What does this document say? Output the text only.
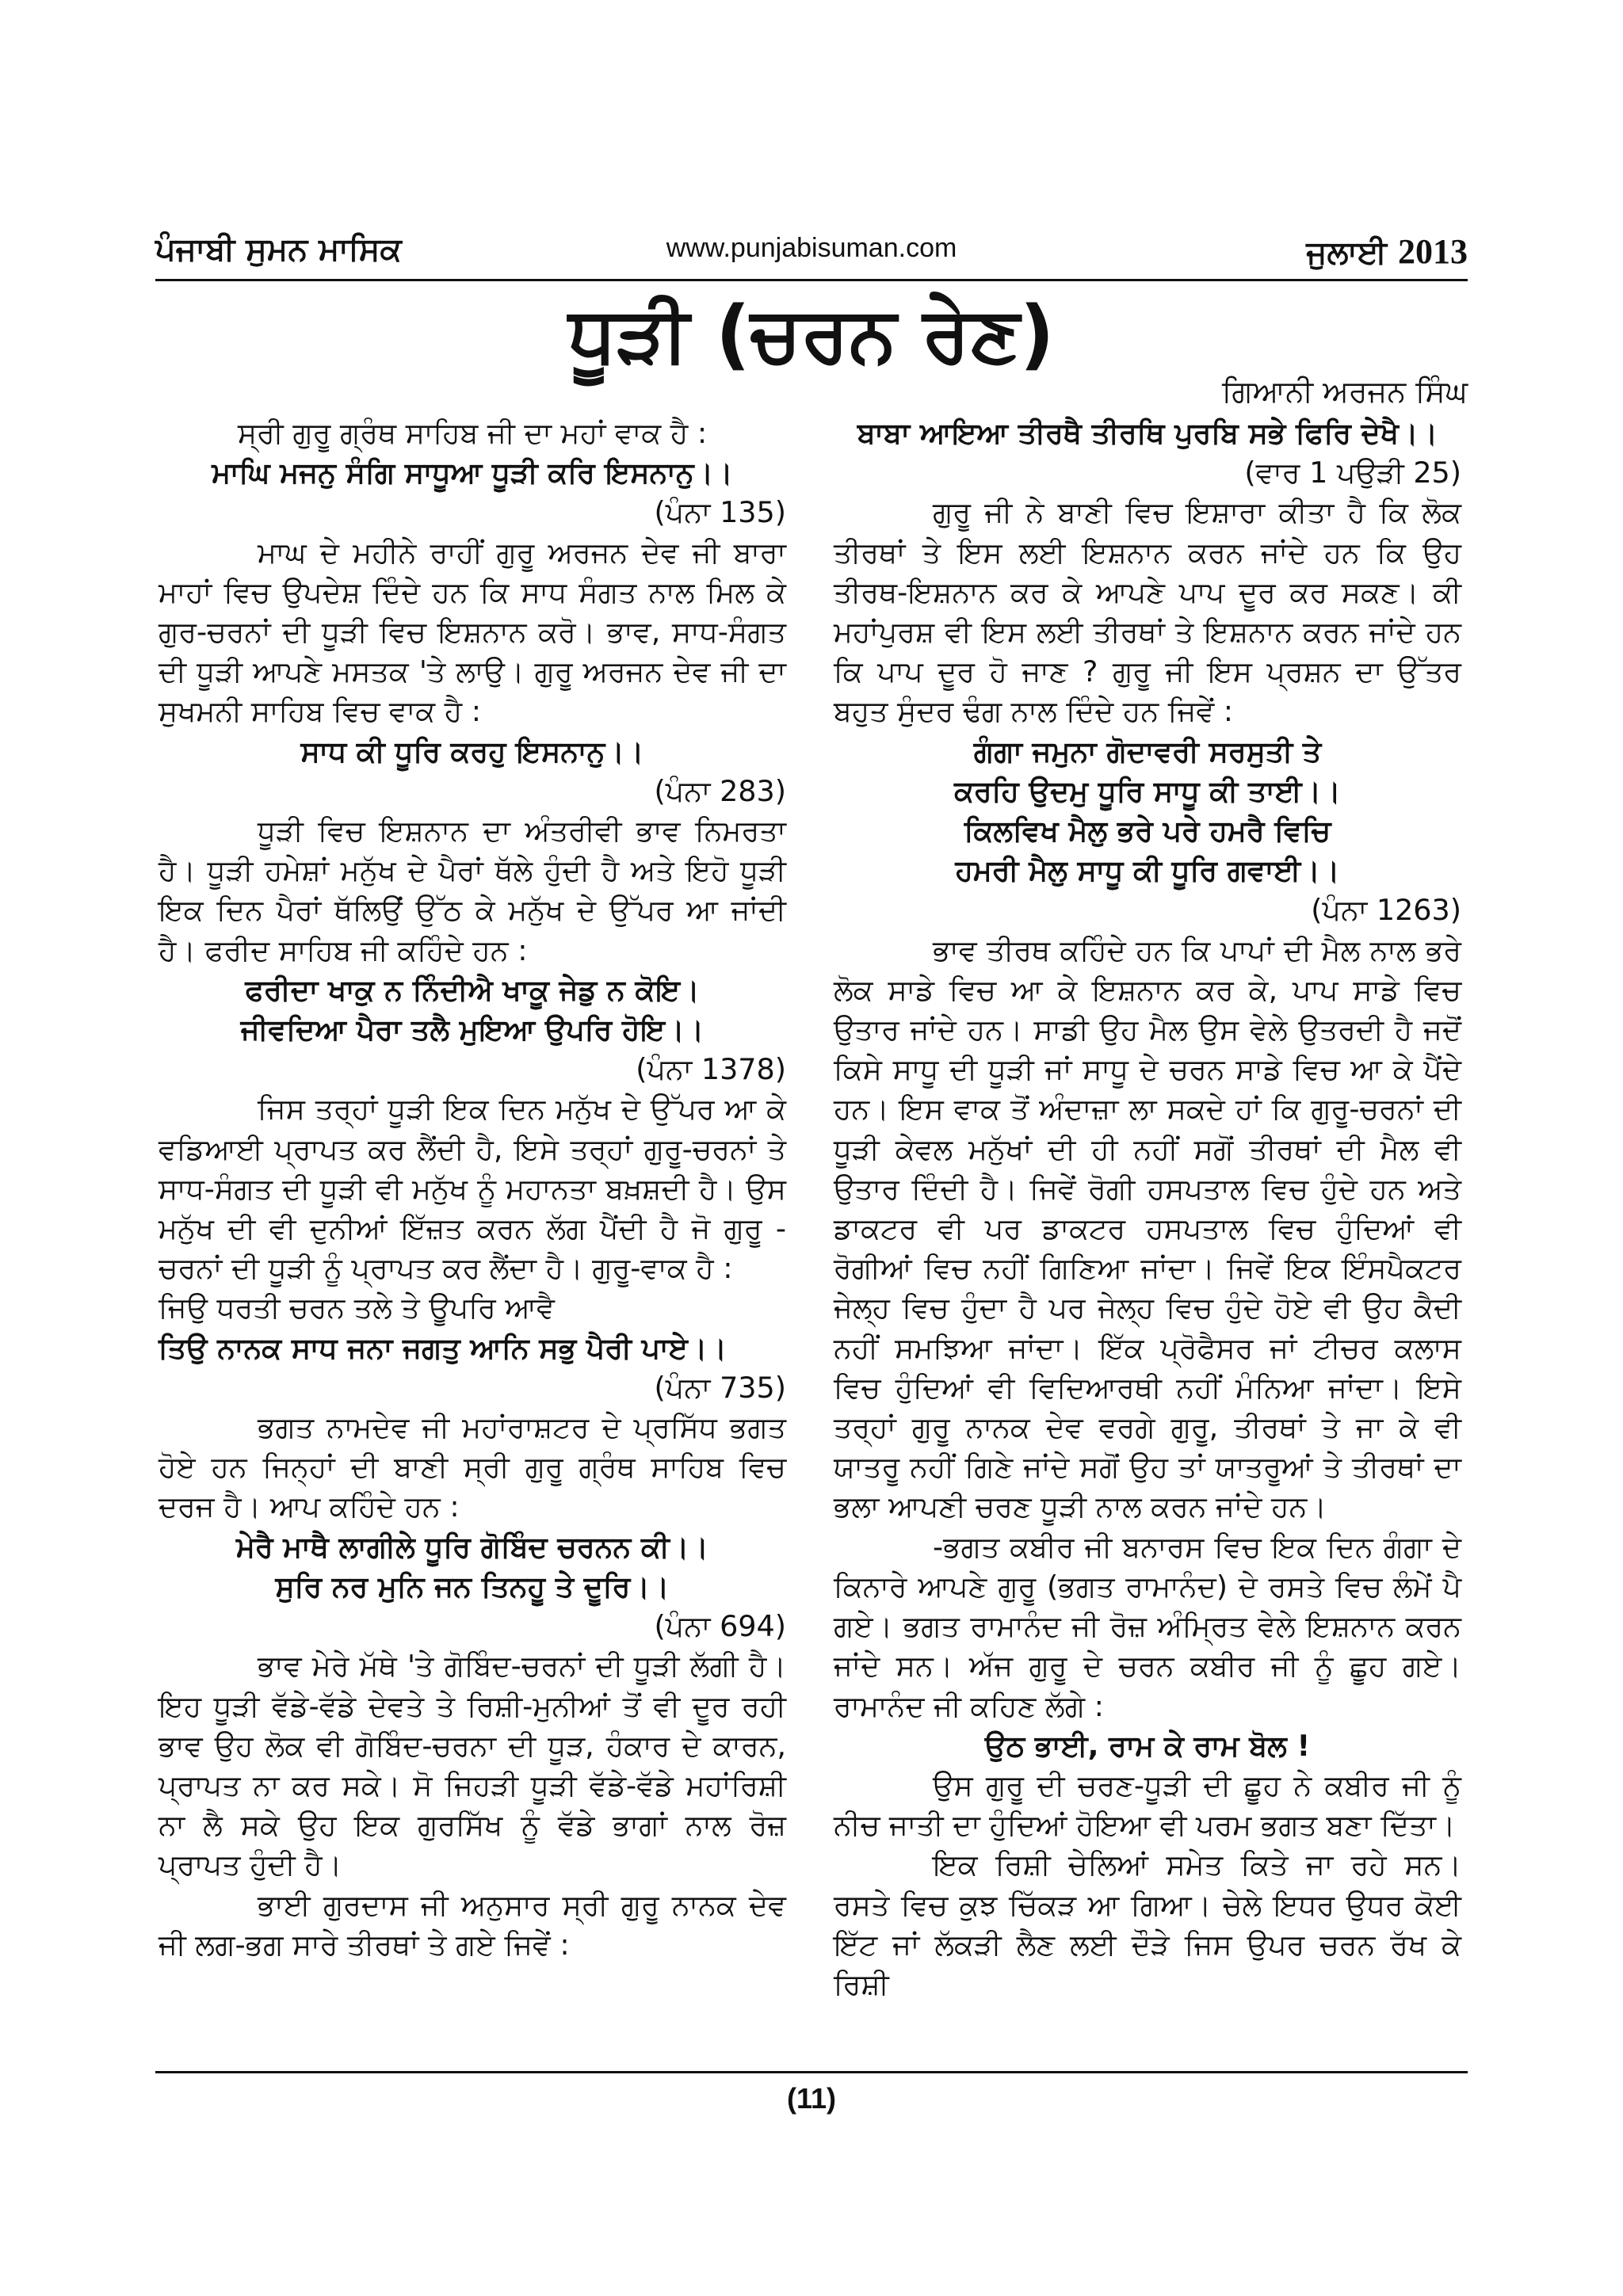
ਪੰਜਾਬੀ ਸੁਮਨ ਮਾਸਿਕ	www.punjabisuman.com	ਜੁਲਾਈ 2013
ਧੂੜੀ (ਚਰਨ ਰੇਣ)
ਗਿਆਨੀ ਅਰਜਨ ਸਿੰਘ

ਸ੍ਰੀ ਗੁਰੂ ਗ੍ਰੰਥ ਸਾਹਿਬ ਜੀ ਦਾ ਮਹਾਂ ਵਾਕ ਹੈ :

ਮਾਘਿ ਮਜਨੁ ਸੰਗਿ ਸਾਧੂਆ ਧੂੜੀ ਕਰਿ ਇਸਨਾਨੁ।।

(ਪੰਨਾ 135)

ਮਾਘ ਦੇ ਮਹੀਨੇ ਰਾਹੀਂ ਗੁਰੂ ਅਰਜਨ ਦੇਵ ਜੀ ਬਾਰਾ ਮਾਹਾਂ ਵਿਚ ਉਪਦੇਸ਼ ਦਿੰਦੇ ਹਨ ਕਿ ਸਾਧ ਸੰਗਤ ਨਾਲ ਮਿਲ ਕੇ ਗੁਰ-ਚਰਨਾਂ ਦੀ ਧੂੜੀ ਵਿਚ ਇਸ਼ਨਾਨ ਕਰੋ। ਭਾਵ, ਸਾਧ-ਸੰਗਤ ਦੀ ਧੂੜੀ ਆਪਣੇ ਮਸਤਕ 'ਤੇ ਲਾਉ। ਗੁਰੂ ਅਰਜਨ ਦੇਵ ਜੀ ਦਾ ਸੁਖਮਨੀ ਸਾਹਿਬ ਵਿਚ ਵਾਕ ਹੈ :

ਸਾਧ ਕੀ ਧੂਰਿ ਕਰਹੁ ਇਸਨਾਨੁ।।

(ਪੰਨਾ 283)

ਧੂੜੀ ਵਿਚ ਇਸ਼ਨਾਨ ਦਾ ਅੰਤਰੀਵੀ ਭਾਵ ਨਿਮਰਤਾ ਹੈ। ਧੂੜੀ ਹਮੇਸ਼ਾਂ ਮਨੁੱਖ ਦੇ ਪੈਰਾਂ ਥੱਲੇ ਹੁੰਦੀ ਹੈ ਅਤੇ ਇਹੋ ਧੂੜੀ ਇਕ ਦਿਨ ਪੈਰਾਂ ਥੱਲਿਉਂ ਉੱਠ ਕੇ ਮਨੁੱਖ ਦੇ ਉੱਪਰ ਆ ਜਾਂਦੀ ਹੈ। ਫਰੀਦ ਸਾਹਿਬ ਜੀ ਕਹਿੰਦੇ ਹਨ :

ਫਰੀਦਾ ਖਾਕੁ ਨ ਨਿੰਦੀਐ ਖਾਕੂ ਜੇਡੁ ਨ ਕੋਇ।

ਜੀਵਦਿਆ ਪੈਰਾ ਤਲੈ ਮੁਇਆ ਉਪਰਿ ਹੋਇ।।

(ਪੰਨਾ 1378)

ਜਿਸ ਤਰ੍ਹਾਂ ਧੂੜੀ ਇਕ ਦਿਨ ਮਨੁੱਖ ਦੇ ਉੱਪਰ ਆ ਕੇ ਵਡਿਆਈ ਪ੍ਰਾਪਤ ਕਰ ਲੈਂਦੀ ਹੈ, ਇਸੇ ਤਰ੍ਹਾਂ ਗੁਰੂ-ਚਰਨਾਂ ਤੇ ਸਾਧ-ਸੰਗਤ ਦੀ ਧੂੜੀ ਵੀ ਮਨੁੱਖ ਨੂੰ ਮਹਾਨਤਾ ਬਖ਼ਸ਼ਦੀ ਹੈ। ਉਸ ਮਨੁੱਖ ਦੀ ਵੀ ਦੁਨੀਆਂ ਇੱਜ਼ਤ ਕਰਨ ਲੱਗ ਪੈਂਦੀ ਹੈ ਜੋ ਗੁਰੂ - ਚਰਨਾਂ ਦੀ ਧੂੜੀ ਨੂੰ ਪ੍ਰਾਪਤ ਕਰ ਲੈਂਦਾ ਹੈ। ਗੁਰੂ-ਵਾਕ ਹੈ :

ਜਿਉ ਧਰਤੀ ਚਰਨ ਤਲੇ ਤੇ ਊਪਰਿ ਆਵੈ

ਤਿਉ ਨਾਨਕ ਸਾਧ ਜਨਾ ਜਗਤੁ ਆਨਿ ਸਭੁ ਪੈਰੀ ਪਾਏ।।

(ਪੰਨਾ 735)

ਭਗਤ ਨਾਮਦੇਵ ਜੀ ਮਹਾਂਰਾਸ਼ਟਰ ਦੇ ਪ੍ਰਸਿੱਧ ਭਗਤ ਹੋਏ ਹਨ ਜਿਨ੍ਹਾਂ ਦੀ ਬਾਣੀ ਸ੍ਰੀ ਗੁਰੂ ਗ੍ਰੰਥ ਸਾਹਿਬ ਵਿਚ ਦਰਜ ਹੈ। ਆਪ ਕਹਿੰਦੇ ਹਨ :

ਮੇਰੈ ਮਾਥੈ ਲਾਗੀਲੇ ਧੂਰਿ ਗੋਬਿੰਦ ਚਰਨਨ ਕੀ।।

ਸੁਰਿ ਨਰ ਮੁਨਿ ਜਨ ਤਿਨਹੂ ਤੇ ਦੂਰਿ।।

(ਪੰਨਾ 694)

ਭਾਵ ਮੇਰੇ ਮੱਥੇ 'ਤੇ ਗੋਬਿੰਦ-ਚਰਨਾਂ ਦੀ ਧੂੜੀ ਲੱਗੀ ਹੈ। ਇਹ ਧੂੜੀ ਵੱਡੇ-ਵੱਡੇ ਦੇਵਤੇ ਤੇ ਰਿਸ਼ੀ-ਮੁਨੀਆਂ ਤੋਂ ਵੀ ਦੂਰ ਰਹੀ ਭਾਵ ਉਹ ਲੋਕ ਵੀ ਗੋਬਿੰਦ-ਚਰਨਾ ਦੀ ਧੂੜ, ਹੰਕਾਰ ਦੇ ਕਾਰਨ, ਪ੍ਰਾਪਤ ਨਾ ਕਰ ਸਕੇ। ਸੋ ਜਿਹੜੀ ਧੂੜੀ ਵੱਡੇ-ਵੱਡੇ ਮਹਾਂਰਿਸ਼ੀ ਨਾ ਲੈ ਸਕੇ ਉਹ ਇਕ ਗੁਰਸਿੱਖ ਨੂੰ ਵੱਡੇ ਭਾਗਾਂ ਨਾਲ ਰੋਜ਼ ਪ੍ਰਾਪਤ ਹੁੰਦੀ ਹੈ।

ਭਾਈ ਗੁਰਦਾਸ ਜੀ ਅਨੁਸਾਰ ਸ੍ਰੀ ਗੁਰੂ ਨਾਨਕ ਦੇਵ ਜੀ ਲਗ-ਭਗ ਸਾਰੇ ਤੀਰਥਾਂ ਤੇ ਗਏ ਜਿਵੇਂ :

ਬਾਬਾ ਆਇਆ ਤੀਰਥੈ ਤੀਰਥਿ ਪੁਰਬਿ ਸਭੇ ਫਿਰਿ ਦੇਖੈ।।

(ਵਾਰ 1 ਪਉੜੀ 25)

ਗੁਰੂ ਜੀ ਨੇ ਬਾਣੀ ਵਿਚ ਇਸ਼ਾਰਾ ਕੀਤਾ ਹੈ ਕਿ ਲੋਕ ਤੀਰਥਾਂ ਤੇ ਇਸ ਲਈ ਇਸ਼ਨਾਨ ਕਰਨ ਜਾਂਦੇ ਹਨ ਕਿ ਉਹ ਤੀਰਥ-ਇਸ਼ਨਾਨ ਕਰ ਕੇ ਆਪਣੇ ਪਾਪ ਦੂਰ ਕਰ ਸਕਣ। ਕੀ ਮਹਾਂਪੁਰਸ਼ ਵੀ ਇਸ ਲਈ ਤੀਰਥਾਂ ਤੇ ਇਸ਼ਨਾਨ ਕਰਨ ਜਾਂਦੇ ਹਨ ਕਿ ਪਾਪ ਦੂਰ ਹੋ ਜਾਣ ? ਗੁਰੂ ਜੀ ਇਸ ਪ੍ਰਸ਼ਨ ਦਾ ਉੱਤਰ ਬਹੁਤ ਸੁੰਦਰ ਢੰਗ ਨਾਲ ਦਿੰਦੇ ਹਨ ਜਿਵੇਂ :

ਗੰਗਾ ਜਮੁਨਾ ਗੋਦਾਵਰੀ ਸਰਸੁਤੀ ਤੇ

ਕਰਹਿ ਉਦਮੁ ਧੂਰਿ ਸਾਧੂ ਕੀ ਤਾਈ।।

ਕਿਲਵਿਖ ਮੈਲੁ ਭਰੇ ਪਰੇ ਹਮਰੈ ਵਿਚਿ

ਹਮਰੀ ਮੈਲੁ ਸਾਧੂ ਕੀ ਧੂਰਿ ਗਵਾਈ।।

(ਪੰਨਾ 1263)

ਭਾਵ ਤੀਰਥ ਕਹਿੰਦੇ ਹਨ ਕਿ ਪਾਪਾਂ ਦੀ ਮੈਲ ਨਾਲ ਭਰੇ ਲੋਕ ਸਾਡੇ ਵਿਚ ਆ ਕੇ ਇਸ਼ਨਾਨ ਕਰ ਕੇ, ਪਾਪ ਸਾਡੇ ਵਿਚ ਉਤਾਰ ਜਾਂਦੇ ਹਨ। ਸਾਡੀ ਉਹ ਮੈਲ ਉਸ ਵੇਲੇ ਉਤਰਦੀ ਹੈ ਜਦੋਂ ਕਿਸੇ ਸਾਧੂ ਦੀ ਧੂੜੀ ਜਾਂ ਸਾਧੂ ਦੇ ਚਰਨ ਸਾਡੇ ਵਿਚ ਆ ਕੇ ਪੈਂਦੇ ਹਨ। ਇਸ ਵਾਕ ਤੋਂ ਅੰਦਾਜ਼ਾ ਲਾ ਸਕਦੇ ਹਾਂ ਕਿ ਗੁਰੂ-ਚਰਨਾਂ ਦੀ ਧੂੜੀ ਕੇਵਲ ਮਨੁੱਖਾਂ ਦੀ ਹੀ ਨਹੀਂ ਸਗੋਂ ਤੀਰਥਾਂ ਦੀ ਮੈਲ ਵੀ ਉਤਾਰ ਦਿੰਦੀ ਹੈ। ਜਿਵੇਂ ਰੋਗੀ ਹਸਪਤਾਲ ਵਿਚ ਹੁੰਦੇ ਹਨ ਅਤੇ ਡਾਕਟਰ ਵੀ ਪਰ ਡਾਕਟਰ ਹਸਪਤਾਲ ਵਿਚ ਹੁੰਦਿਆਂ ਵੀ ਰੋਗੀਆਂ ਵਿਚ ਨਹੀਂ ਗਿਣਿਆ ਜਾਂਦਾ। ਜਿਵੇਂ ਇਕ ਇੰਸਪੈਕਟਰ ਜੇਲ੍ਹ ਵਿਚ ਹੁੰਦਾ ਹੈ ਪਰ ਜੇਲ੍ਹ ਵਿਚ ਹੁੰਦੇ ਹੋਏ ਵੀ ਉਹ ਕੈਦੀ ਨਹੀਂ ਸਮਝਿਆ ਜਾਂਦਾ। ਇੱਕ ਪ੍ਰੋਫੈਸਰ ਜਾਂ ਟੀਚਰ ਕਲਾਸ ਵਿਚ ਹੁੰਦਿਆਂ ਵੀ ਵਿਦਿਆਰਥੀ ਨਹੀਂ ਮੰਨਿਆ ਜਾਂਦਾ। ਇਸੇ ਤਰ੍ਹਾਂ ਗੁਰੂ ਨਾਨਕ ਦੇਵ ਵਰਗੇ ਗੁਰੂ, ਤੀਰਥਾਂ ਤੇ ਜਾ ਕੇ ਵੀ ਯਾਤਰੂ ਨਹੀਂ ਗਿਣੇ ਜਾਂਦੇ ਸਗੋਂ ਉਹ ਤਾਂ ਯਾਤਰੂਆਂ ਤੇ ਤੀਰਥਾਂ ਦਾ ਭਲਾ ਆਪਣੀ ਚਰਣ ਧੂੜੀ ਨਾਲ ਕਰਨ ਜਾਂਦੇ ਹਨ।

-ਭਗਤ ਕਬੀਰ ਜੀ ਬਨਾਰਸ ਵਿਚ ਇਕ ਦਿਨ ਗੰਗਾ ਦੇ ਕਿਨਾਰੇ ਆਪਣੇ ਗੁਰੂ (ਭਗਤ ਰਾਮਾਨੰਦ) ਦੇ ਰਸਤੇ ਵਿਚ ਲੰਮੇਂ ਪੈ ਗਏ। ਭਗਤ ਰਾਮਾਨੰਦ ਜੀ ਰੋਜ਼ ਅੰਮ੍ਰਿਤ ਵੇਲੇ ਇਸ਼ਨਾਨ ਕਰਨ ਜਾਂਦੇ ਸਨ। ਅੱਜ ਗੁਰੂ ਦੇ ਚਰਨ ਕਬੀਰ ਜੀ ਨੂੰ ਛੂਹ ਗਏ। ਰਾਮਾਨੰਦ ਜੀ ਕਹਿਣ ਲੱਗੇ :

ਉਠ ਭਾਈ, ਰਾਮ ਕੇ ਰਾਮ ਬੋਲ !

ਉਸ ਗੁਰੂ ਦੀ ਚਰਣ-ਧੂੜੀ ਦੀ ਛੂਹ ਨੇ ਕਬੀਰ ਜੀ ਨੂੰ ਨੀਚ ਜਾਤੀ ਦਾ ਹੁੰਦਿਆਂ ਹੋਇਆ ਵੀ ਪਰਮ ਭਗਤ ਬਣਾ ਦਿੱਤਾ।

ਇਕ ਰਿਸ਼ੀ ਚੇਲਿਆਂ ਸਮੇਤ ਕਿਤੇ ਜਾ ਰਹੇ ਸਨ। ਰਸਤੇ ਵਿਚ ਕੁਝ ਚਿੱਕੜ ਆ ਗਿਆ। ਚੇਲੇ ਇਧਰ ਉਧਰ ਕੋਈ ਇੱਟ ਜਾਂ ਲੱਕੜੀ ਲੈਣ ਲਈ ਦੌੜੇ ਜਿਸ ਉਪਰ ਚਰਨ ਰੱਖ ਕੇ ਰਿਸ਼ੀ

(11)
